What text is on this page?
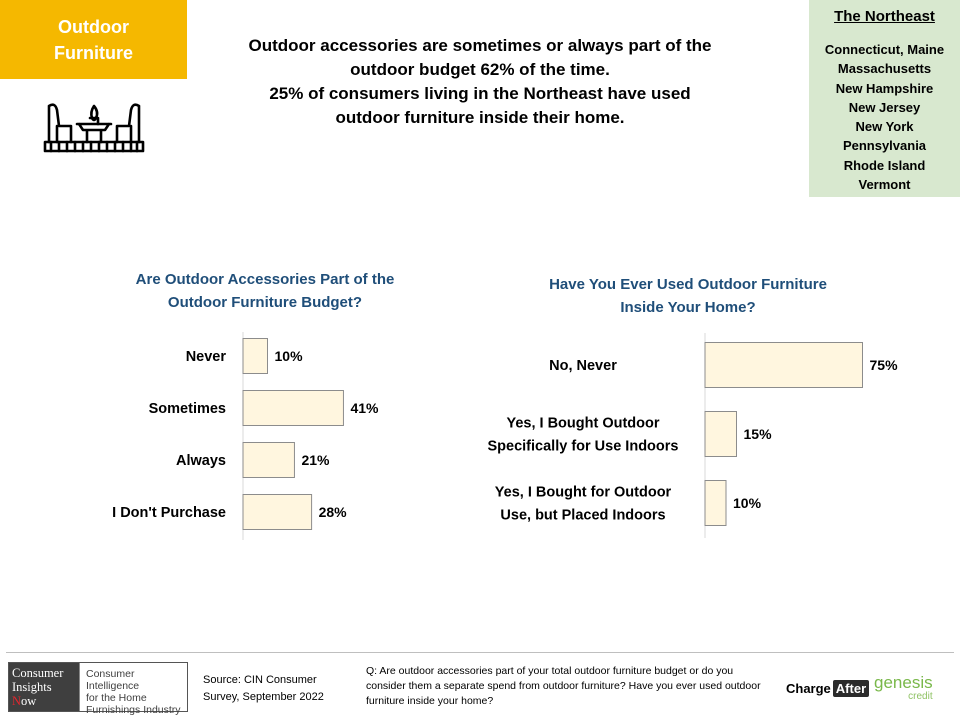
Outdoor
Furniture	Outdoor accessories are sometimes or always part of the
outdoor budget 62% of the time.
25% of consumers living in the Northeast have used
outdoor furniture inside their home.
The Northeast
Connecticut, Maine
Massachusetts
New Hampshire
New Jersey
New York
Pennsylvania
Rhode Island
Vermont
Are Outdoor Accessories Part of the
Outdoor Furniture Budget?
Have You Ever Used Outdoor Furniture
Inside Your Home?
10%
Never
41%
Sometimes
21%
Always
28%
I Don't Purchase
75%
No, Never
15%
Yes, I Bought Outdoor
Specifically for Use Indoors
10%
Yes, I Bought for Outdoor
Use, but Placed Indoors
Consumer
Insights
Now
Consumer Intelligence
for the Home
Furnishings Industry
Source: CIN Consumer
Survey, September 2022
Q: Are outdoor accessories part of your total outdoor furniture budget or do you consider them a separate spend from outdoor furniture? Have you ever used outdoor furniture inside your home?
Charge After genesis
credit
